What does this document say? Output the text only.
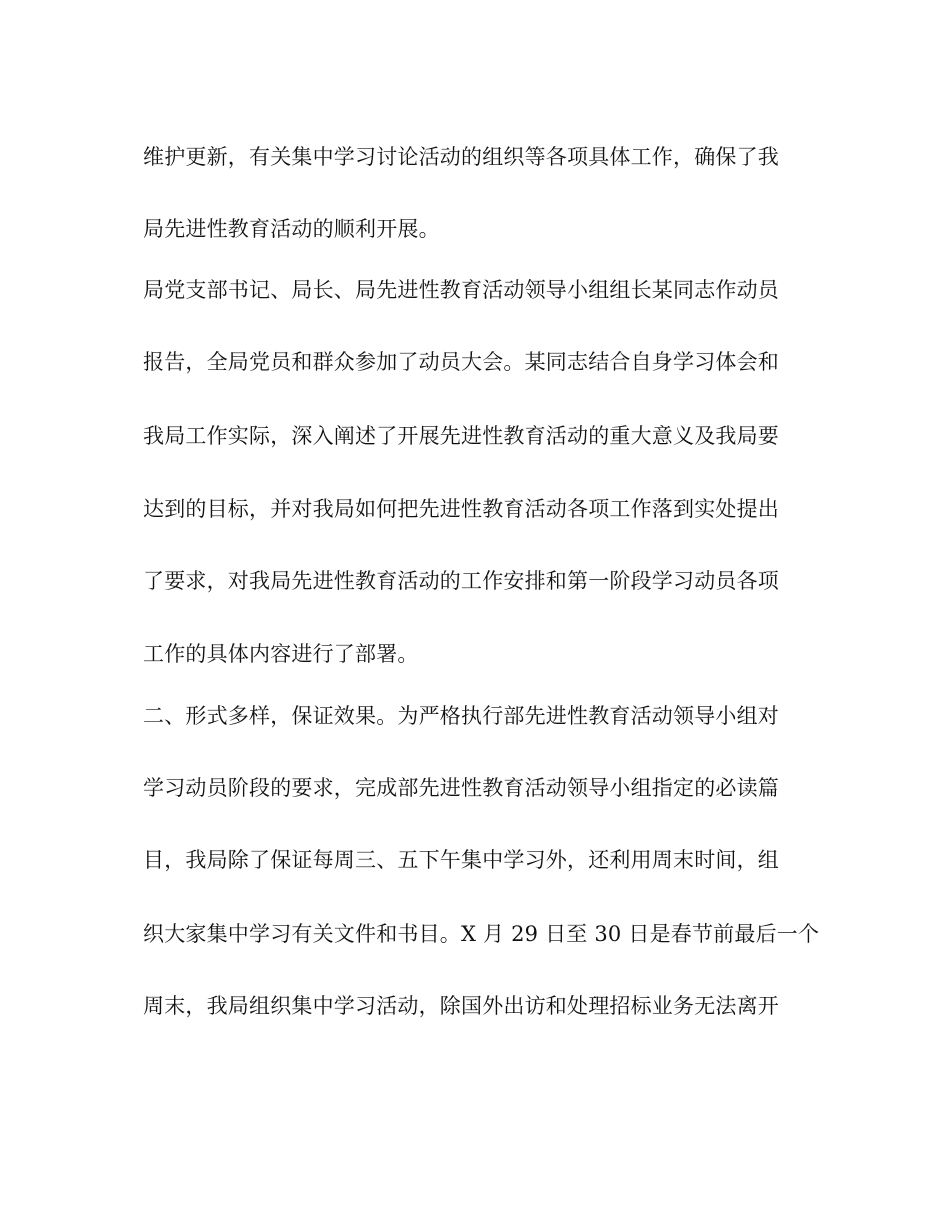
维护更新，有关集中学习讨论活动的组织等各项具体工作，确保了我
局先进性教育活动的顺利开展。
局党支部书记、局长、局先进性教育活动领导小组组长某同志作动员
报告，全局党员和群众参加了动员大会。某同志结合自身学习体会和
我局工作实际，深入阐述了开展先进性教育活动的重大意义及我局要
达到的目标，并对我局如何把先进性教育活动各项工作落到实处提出
了要求，对我局先进性教育活动的工作安排和第一阶段学习动员各项
工作的具体内容进行了部署。
二、形式多样，保证效果。为严格执行部先进性教育活动领导小组对
学习动员阶段的要求，完成部先进性教育活动领导小组指定的必读篇
目，我局除了保证每周三、五下午集中学习外，还利用周末时间，组
织大家集中学习有关文件和书目。X 月 29 日至 30 日是春节前最后一个
周末，我局组织集中学习活动，除国外出访和处理招标业务无法离开
